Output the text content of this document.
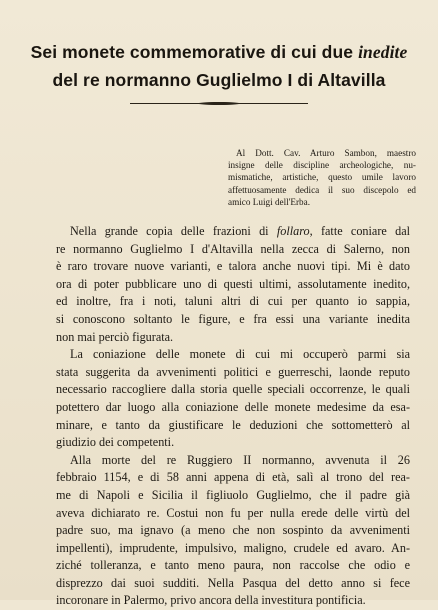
Sei monete commemorative di cui due inedite
del re normanno Guglielmo I di Altavilla
Al Dott. Cav. Arturo Sambon, maestro
insigne delle discipline archeologiche, nu-
mismatiche, artistiche, questo umile lavoro
affettuosamente dedica il suo discepolo ed
amico Luigi dell'Erba.
Nella grande copia delle frazioni di follaro, fatte coniare dal
re normanno Guglielmo I d'Altavilla nella zecca di Salerno, non
è raro trovare nuove varianti, e talora anche nuovi tipi. Mi è dato
ora di poter pubblicare uno di questi ultimi, assolutamente inedito,
ed inoltre, fra i noti, taluni altri di cui per quanto io sappia,
si conoscono soltanto le figure, e fra essi una variante inedita
non mai perciò figurata.
La coniazione delle monete di cui mi occuperò parmi sia
stata suggerita da avvenimenti politici e guerreschi, laonde reputo
necessario raccogliere dalla storia quelle speciali occorrenze, le quali
potettero dar luogo alla coniazione delle monete medesime da esa-
minare, e tanto da giustificare le deduzioni che sottometterò al
giudizio dei competenti.
Alla morte del re Ruggiero II normanno, avvenuta il 26
febbraio 1154, e di 58 anni appena di età, salì al trono del rea-
me di Napoli e Sicilia il figliuolo Guglielmo, che il padre già
aveva dichiarato re. Costui non fu per nulla erede delle virtù del
padre suo, ma ignavo (a meno che non sospinto da avvenimenti
impellenti), imprudente, impulsivo, maligno, crudele ed avaro. An-
ziché tolleranza, e tanto meno paura, non raccolse che odio e
disprezzo dai suoi sudditi. Nella Pasqua del detto anno si fece
incoronare in Palermo, privo ancora della investitura pontificia.
